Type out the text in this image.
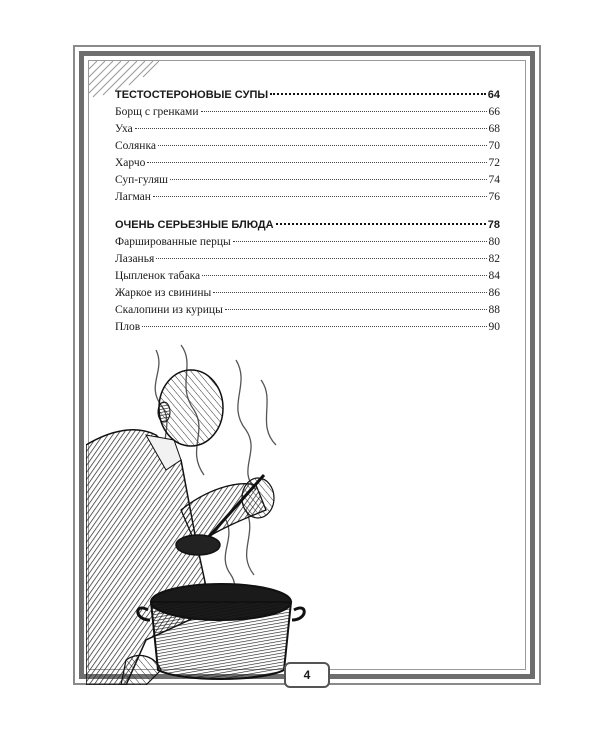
ТЕСТОСТЕРОНОВЫЕ СУПЫ	64
Борщ с гренками	66
Уха	68
Солянка	70
Харчо	72
Суп-гуляш	74
Лагман	76
ОЧЕНЬ СЕРЬЕЗНЫЕ БЛЮДА	78
Фаршированные перцы	80
Лазанья	82
Цыпленок табака	84
Жаркое из свинины	86
Скалопини из курицы	88
Плов	90
4
